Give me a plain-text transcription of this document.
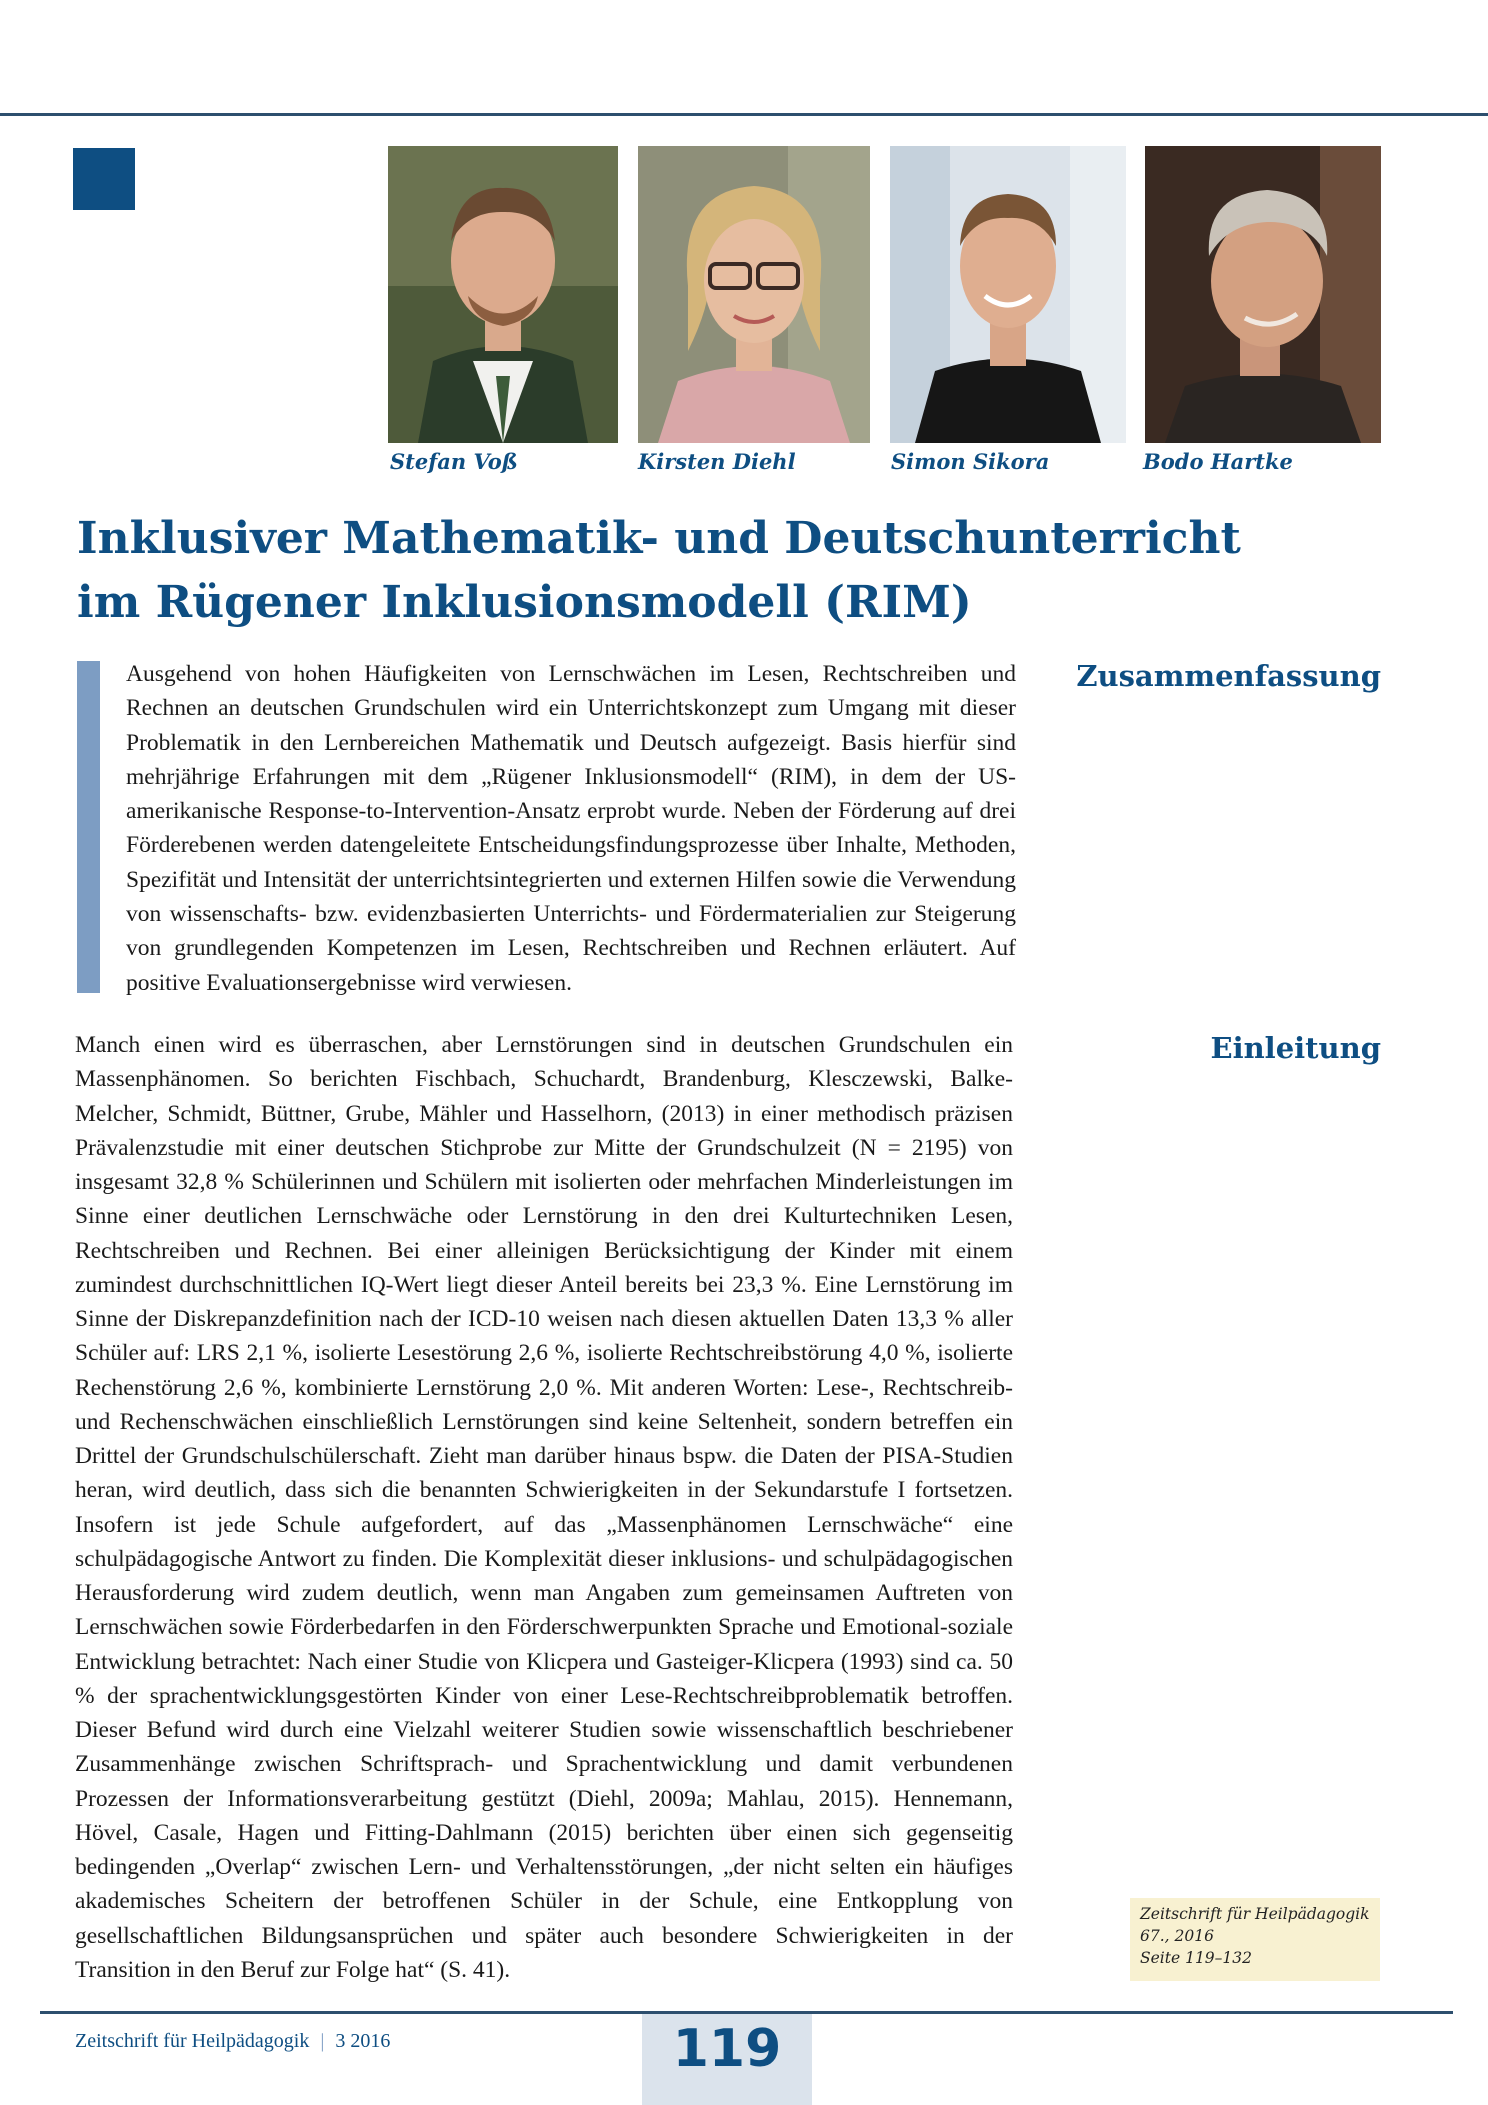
Stefan Voß	Kirsten Diehl	Simon Sikora	Bodo Hartke
Inklusiver Mathematik- und Deutschunterricht
im Rügener Inklusionsmodell (RIM)
Zusammenfassung

Ausgehend von hohen Häufigkeiten von Lernschwächen im Lesen, Rechtschreiben und Rechnen an deutschen Grundschulen wird ein Unterrichtskonzept zum Umgang mit dieser Problematik in den Lernbereichen Mathematik und Deutsch aufgezeigt. Basis hierfür sind mehrjährige Erfahrungen mit dem „Rügener Inklusionsmodell“ (RIM), in dem der US-amerikanische Response-to-Intervention-Ansatz erprobt wurde. Neben der Förderung auf drei Förderebenen werden datengeleitete Entscheidungsfindungsprozesse über Inhalte, Methoden, Spezifität und Intensität der unterrichtsintegrierten und externen Hilfen sowie die Verwendung von wissenschafts- bzw. evidenzbasierten Unterrichts- und Fördermaterialien zur Steigerung von grundlegenden Kompetenzen im Lesen, Rechtschreiben und Rechnen erläutert. Auf positive Evaluationsergebnisse wird verwiesen.

Einleitung

Manch einen wird es überraschen, aber Lernstörungen sind in deutschen Grundschulen ein Massenphänomen. So berichten Fischbach, Schuchardt, Brandenburg, Klesczewski, Balke-Melcher, Schmidt, Büttner, Grube, Mähler und Hasselhorn, (2013) in einer methodisch präzisen Prävalenzstudie mit einer deutschen Stichprobe zur Mitte der Grundschulzeit (N = 2195) von insgesamt 32,8 % Schülerinnen und Schülern mit isolierten oder mehrfachen Minderleistungen im Sinne einer deutlichen Lernschwäche oder Lernstörung in den drei Kulturtechniken Lesen, Rechtschreiben und Rechnen. Bei einer alleinigen Berücksichtigung der Kinder mit einem zumindest durchschnittlichen IQ-Wert liegt dieser Anteil bereits bei 23,3 %. Eine Lernstörung im Sinne der Diskrepanzdefinition nach der ICD-10 weisen nach diesen aktuellen Daten 13,3 % aller Schüler auf: LRS 2,1 %, isolierte Lesestörung 2,6 %, isolierte Rechtschreibstörung 4,0 %, isolierte Rechenstörung 2,6 %, kombinierte Lernstörung 2,0 %. Mit anderen Worten: Lese-, Rechtschreib- und Rechenschwächen einschließlich Lernstörungen sind keine Seltenheit, sondern betreffen ein Drittel der Grundschulschülerschaft. Zieht man darüber hinaus bspw. die Daten der PISA-Studien heran, wird deutlich, dass sich die benannten Schwierigkeiten in der Sekundarstufe I fortsetzen. Insofern ist jede Schule aufgefordert, auf das „Massenphänomen Lernschwäche“ eine schulpädagogische Antwort zu finden. Die Komplexität dieser inklusions- und schulpädagogischen Herausforderung wird zudem deutlich, wenn man Angaben zum gemeinsamen Auftreten von Lernschwächen sowie Förderbedarfen in den Förderschwerpunkten Sprache und Emotional-soziale Entwicklung betrachtet: Nach einer Studie von Klicpera und Gasteiger-Klicpera (1993) sind ca. 50 % der sprachentwicklungsgestörten Kinder von einer Lese-Rechtschreibproblematik betroffen. Dieser Befund wird durch eine Vielzahl weiterer Studien sowie wissenschaftlich beschriebener Zusammenhänge zwischen Schriftsprach- und Sprachentwicklung und damit verbundenen Prozessen der Informationsverarbeitung gestützt (Diehl, 2009a; Mahlau, 2015). Hennemann, Hövel, Casale, Hagen und Fitting-Dahlmann (2015) berichten über einen sich gegenseitig bedingenden „Overlap“ zwischen Lern- und Verhaltensstörungen, „der nicht selten ein häufiges akademisches Scheitern der betroffenen Schüler in der Schule, eine Entkopplung von gesellschaftlichen Bildungsansprüchen und später auch besondere Schwierigkeiten in der Transition in den Beruf zur Folge hat“ (S. 41).

Zeitschrift für Heilpädagogik
67., 2016
Seite 119–132
119
Zeitschrift für Heilpädagogik | 3 2016
